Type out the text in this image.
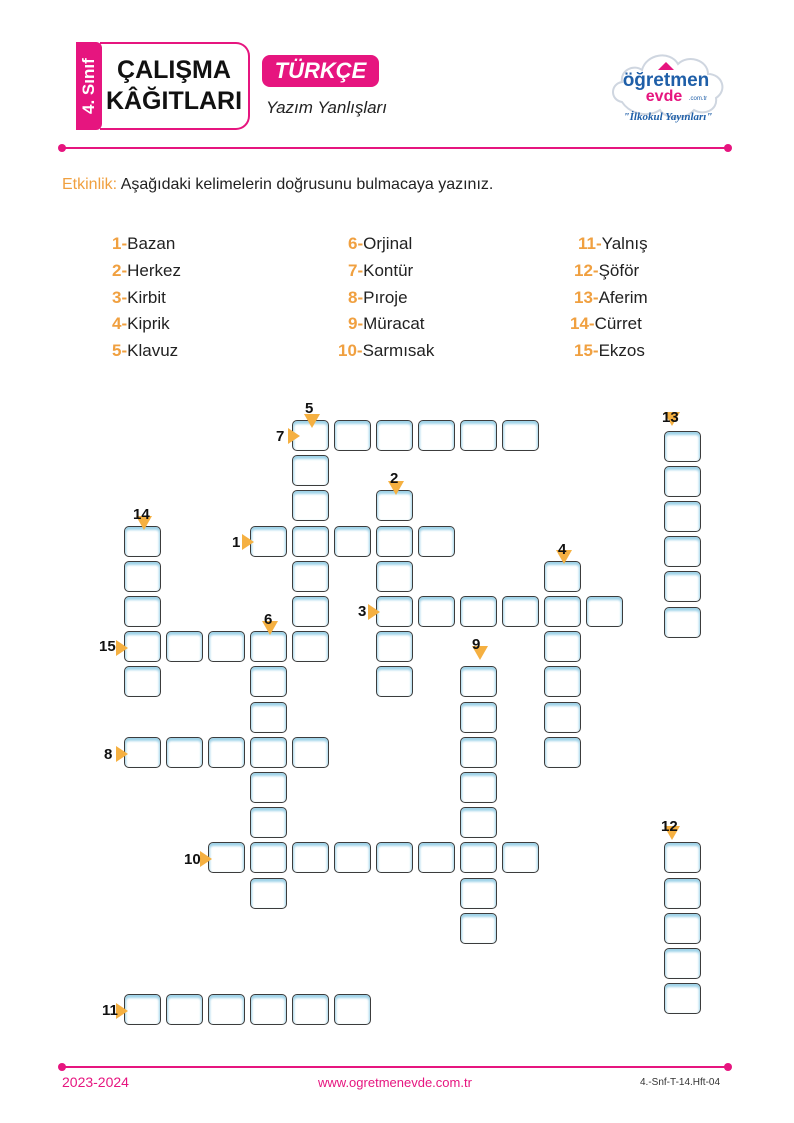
4. Sınıf ÇALIŞMA
KÂĞITLARI
TÜRKÇE
Yazım Yanlışları
öğretmen
evde .com.tr
"İlkokul Yayınları"
Etkinlik: Aşağıdaki kelimelerin doğrusunu bulmacaya yazınız.
1-Bazan
2-Herkez
3-Kirbit
4-Kiprik
5-Klavuz
6-Orjinal
7-Kontür
8-Pıroje
9-Müracat
10-Sarmısak
11-Yalnış
12-Şöför
13-Aferim
14-Cürret
15-Ekzos
5
7
2
14
1	4
13
3
6
15	9
8
12
10
11
2023-2024	www.ogretmenevde.com.tr	4.-Snf-T-14.Hft-04
